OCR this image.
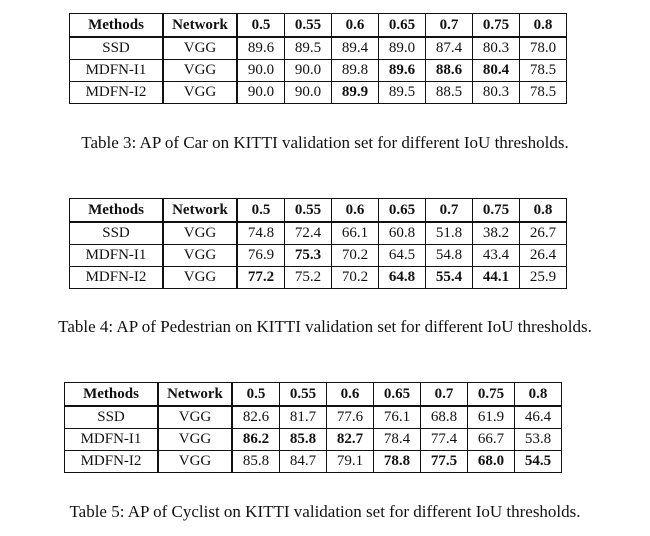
Methods	Network	0.5	0.55	0.6	0.65	0.7	0.75	0.8
SSD	VGG	89.6	89.5	89.4	89.0	87.4	80.3	78.0
MDFN-I1	VGG	90.0	90.0	89.8	89.6	88.6	80.4	78.5
MDFN-I2	VGG	90.0	90.0	89.9	89.5	88.5	80.3	78.5
Table 3: AP of Car on KITTI validation set for different IoU thresholds.
Methods	Network	0.5	0.55	0.6	0.65	0.7	0.75	0.8
SSD	VGG	74.8	72.4	66.1	60.8	51.8	38.2	26.7
MDFN-I1	VGG	76.9	75.3	70.2	64.5	54.8	43.4	26.4
MDFN-I2	VGG	77.2	75.2	70.2	64.8	55.4	44.1	25.9
Table 4: AP of Pedestrian on KITTI validation set for different IoU thresholds.
Methods	Network	0.5	0.55	0.6	0.65	0.7	0.75	0.8
SSD	VGG	82.6	81.7	77.6	76.1	68.8	61.9	46.4
MDFN-I1	VGG	86.2	85.8	82.7	78.4	77.4	66.7	53.8
MDFN-I2	VGG	85.8	84.7	79.1	78.8	77.5	68.0	54.5
Table 5: AP of Cyclist on KITTI validation set for different IoU thresholds.
